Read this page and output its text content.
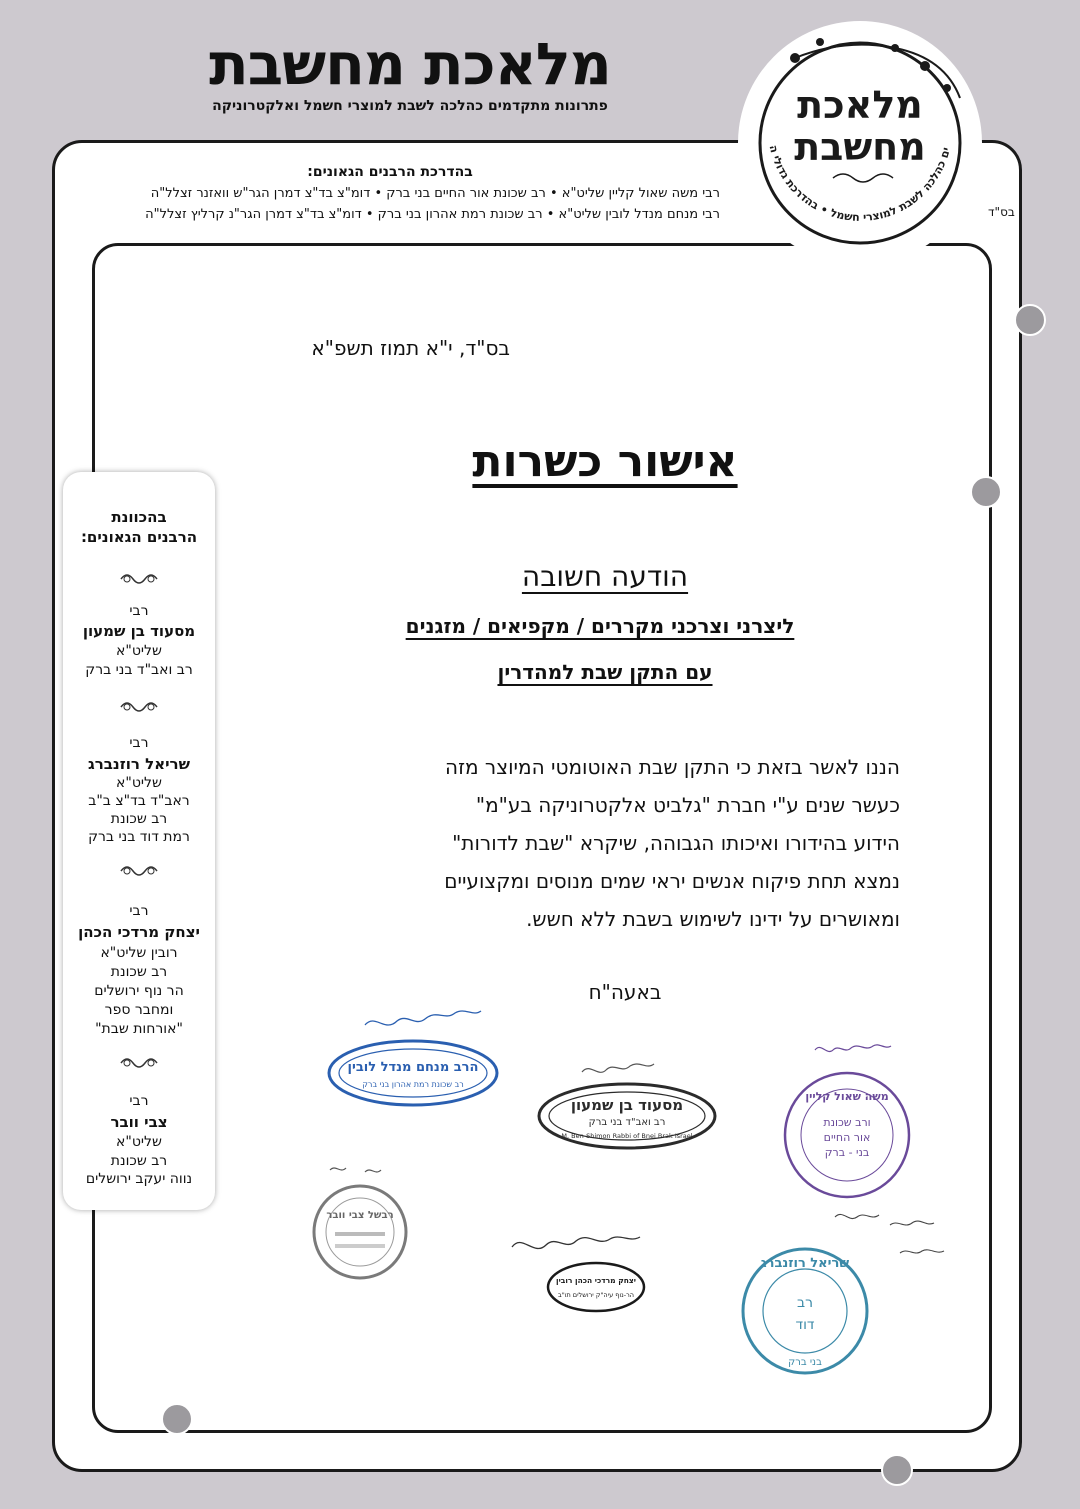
מלאכת מחשבת
פתרונות מתקדמים כהלכה לשבת למוצרי חשמל ואלקטרוניקה
בהדרכת הרבנים הגאונים:
רבי משה שאול קליין שליט"א • רב שכונת אור החיים בני ברק • דומ"צ בד"צ דמרן הגר"ש וואזנר זצלל"ה
רבי מנחם מנדל לובין שליט"א • רב שכונת רמת אהרון בני ברק • דומ"צ בד"צ דמרן הגר"נ קרליץ זצלל"ה	בס"ד
מלאכת
מחשבת	ים כהלכה לשבת למוצרי חשמל • בהדרכת גדולי ה
בהכוונת
הרבנים הגאונים:
רבי
מסעוד בן שמעון
שליט"א
רב ואב"ד בני ברק
רבי
שריאל רוזנברג
שליט"א
ראב"ד בד"צ ב"ב
רב שכונת
רמת דוד בני ברק
רבי
יצחק מרדכי הכהן
רובין שליט"א
רב שכונת
הר נוף ירושלים
ומחבר ספר
"אורחות שבת"
רבי
צבי וובר
שליט"א
רב שכונת
נווה יעקב ירושלים
בס"ד, י"א תמוז תשפ"א
אישור כשרות
הודעה חשובה
ליצרני וצרכני מקררים / מקפיאים / מזגנים
עם התקן שבת למהדרין
הננו לאשר בזאת כי התקן שבת האוטומטי המיוצר מזה
כעשר שנים ע"י חברת "גלביט אלקטרוניקה בע"מ"
הידוע בהידורו ואיכותו הגבוהה, שיקרא "שבת לדורות"
נמצא תחת פיקוח אנשים יראי שמים מנוסים ומקצועיים
ומאושרים על ידינו לשימוש בשבת ללא חשש.
באעה"ח
הרב מנחם מנדל לובין
רב שכונת רמת אהרון בני ברק
מסעוד בן שמעון
רב ואב"ד בני ברק
M. Ben-Shimon Rabbi of Bnei Brak Israel
משה שאול קליין
ורב שכונת
אור החיים
בני - ברק
רבשל צבי וובר
יצחק מרדכי הכהן רובין
הר-נוף עיה"ק ירושלים תו"ב
שריאל רוזנברג
רב
דוד
בני ברק
